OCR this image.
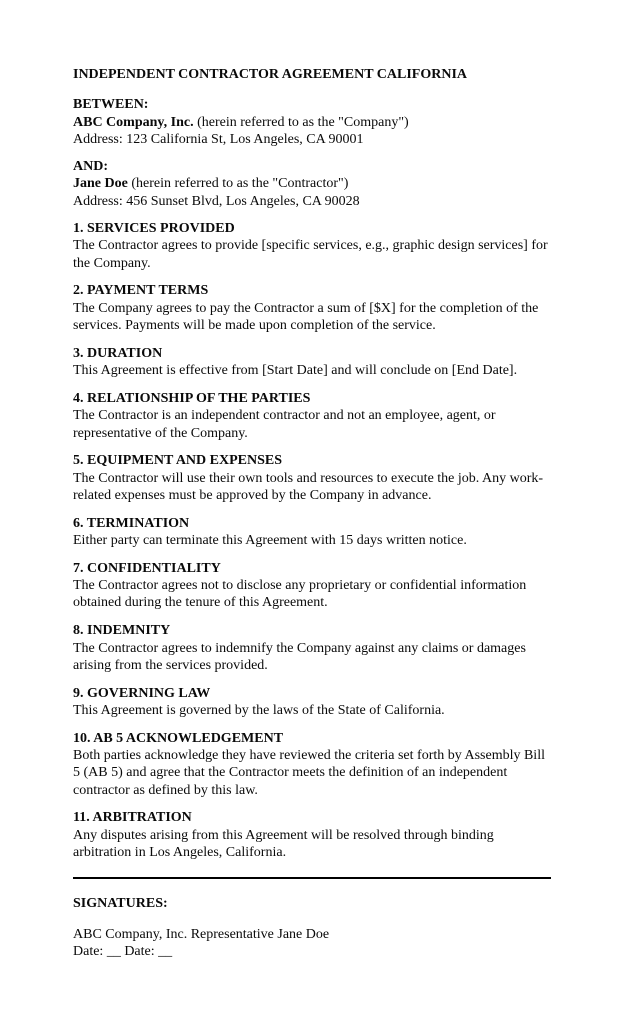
INDEPENDENT CONTRACTOR AGREEMENT CALIFORNIA
BETWEEN:
ABC Company, Inc. (herein referred to as the "Company")
Address: 123 California St, Los Angeles, CA 90001
AND:
Jane Doe (herein referred to as the "Contractor")
Address: 456 Sunset Blvd, Los Angeles, CA 90028
1. SERVICES PROVIDED

The Contractor agrees to provide [specific services, e.g., graphic design services] for the Company.

2. PAYMENT TERMS

The Company agrees to pay the Contractor a sum of [$X] for the completion of the services. Payments will be made upon completion of the service.

3. DURATION

This Agreement is effective from [Start Date] and will conclude on [End Date].

4. RELATIONSHIP OF THE PARTIES

The Contractor is an independent contractor and not an employee, agent, or representative of the Company.

5. EQUIPMENT AND EXPENSES

The Contractor will use their own tools and resources to execute the job. Any work-related expenses must be approved by the Company in advance.

6. TERMINATION

Either party can terminate this Agreement with 15 days written notice.

7. CONFIDENTIALITY

The Contractor agrees not to disclose any proprietary or confidential information obtained during the tenure of this Agreement.

8. INDEMNITY

The Contractor agrees to indemnify the Company against any claims or damages arising from the services provided.

9. GOVERNING LAW

This Agreement is governed by the laws of the State of California.

10. AB 5 ACKNOWLEDGEMENT

Both parties acknowledge they have reviewed the criteria set forth by Assembly Bill 5 (AB 5) and agree that the Contractor meets the definition of an independent contractor as defined by this law.

11. ARBITRATION

Any disputes arising from this Agreement will be resolved through binding arbitration in Los Angeles, California.

SIGNATURES:
ABC Company, Inc. Representative Jane Doe
Date: __ Date: __
